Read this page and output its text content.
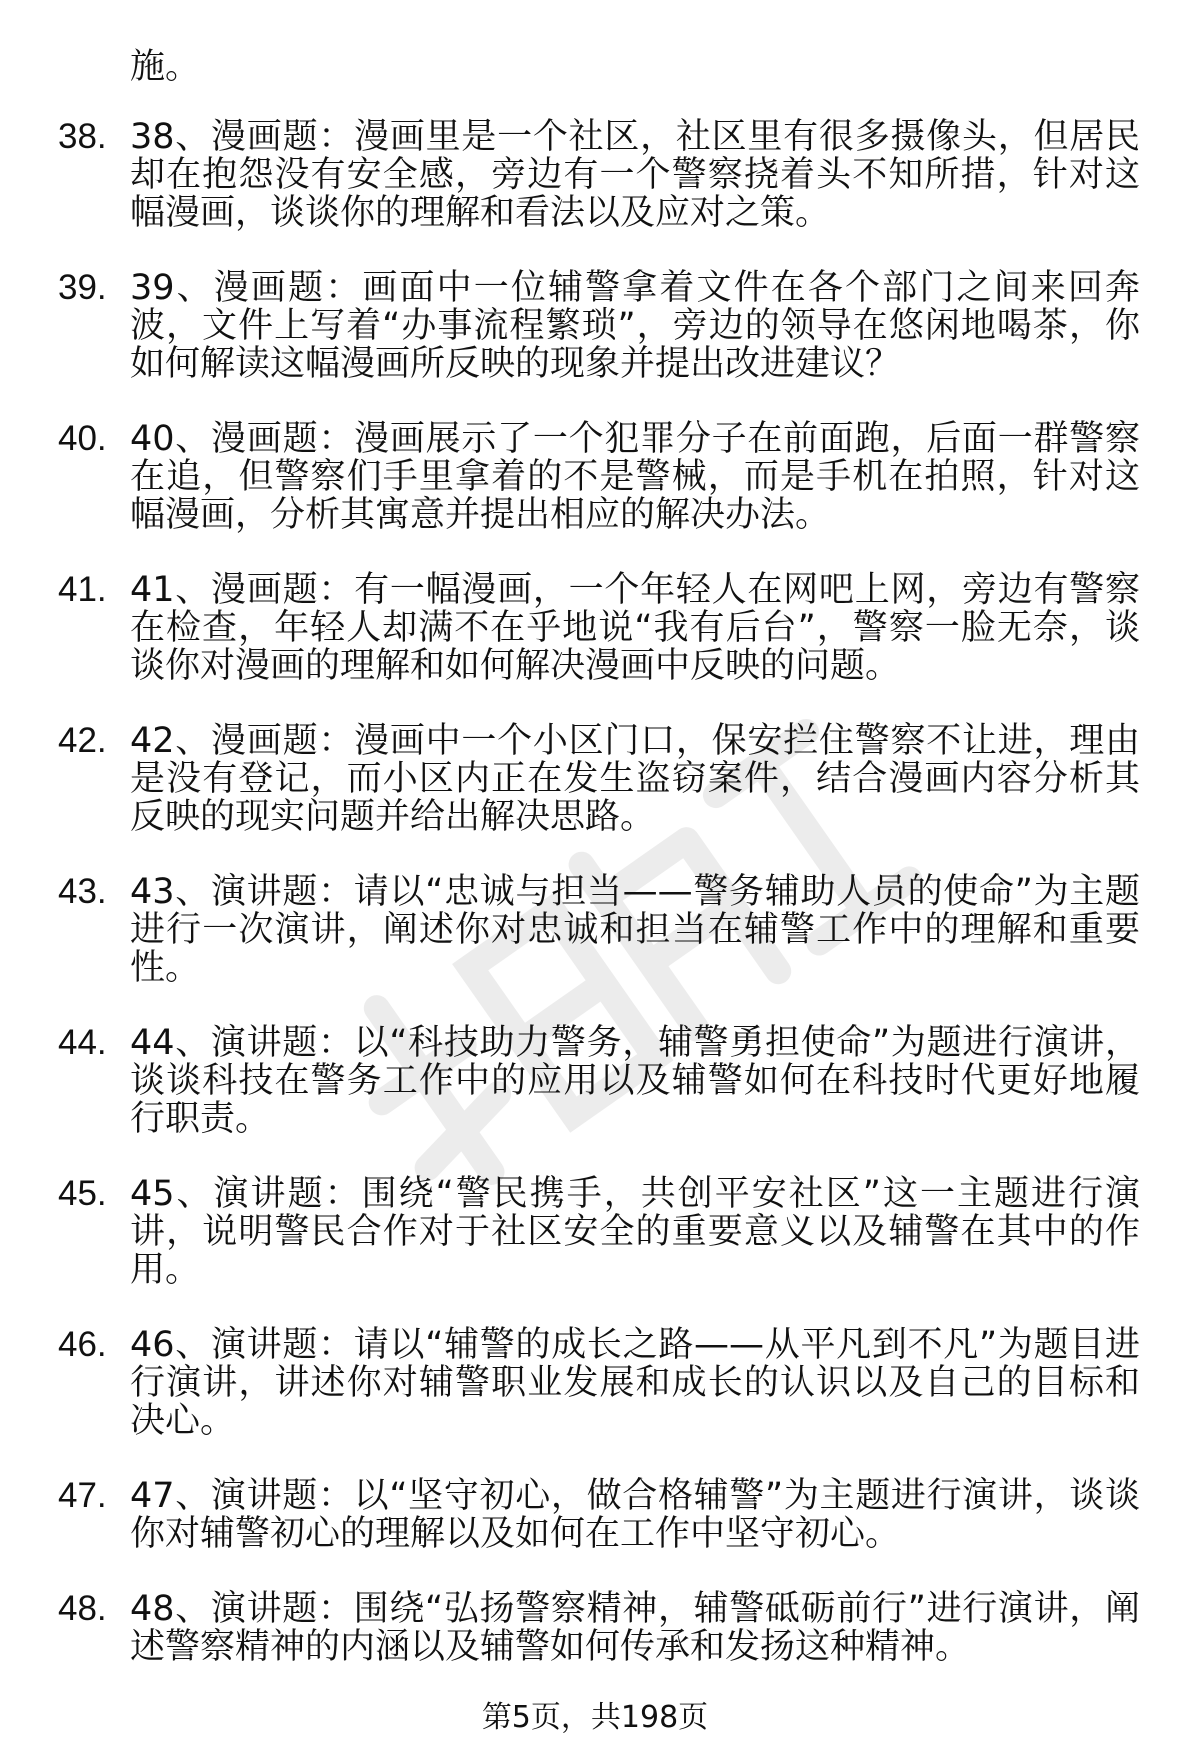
施。
38. 38、漫画题：漫画里是一个社区，社区里有很多摄像头，但居民却在抱怨没有安全感，旁边有一个警察挠着头不知所措，针对这幅漫画，谈谈你的理解和看法以及应对之策。
39. 39、漫画题：画面中一位辅警拿着文件在各个部门之间来回奔波，文件上写着“办事流程繁琐”，旁边的领导在悠闲地喝茶，你如何解读这幅漫画所反映的现象并提出改进建议？
40. 40、漫画题：漫画展示了一个犯罪分子在前面跑，后面一群警察在追，但警察们手里拿着的不是警械，而是手机在拍照，针对这幅漫画，分析其寓意并提出相应的解决办法。
41. 41、漫画题：有一幅漫画，一个年轻人在网吧上网，旁边有警察在检查，年轻人却满不在乎地说“我有后台”，警察一脸无奈，谈谈你对漫画的理解和如何解决漫画中反映的问题。
42. 42、漫画题：漫画中一个小区门口，保安拦住警察不让进，理由是没有登记，而小区内正在发生盗窃案件，结合漫画内容分析其反映的现实问题并给出解决思路。
43. 43、演讲题：请以“忠诚与担当——警务辅助人员的使命”为主题进行一次演讲，阐述你对忠诚和担当在辅警工作中的理解和重要性。
44. 44、演讲题：以“科技助力警务，辅警勇担使命”为题进行演讲，谈谈科技在警务工作中的应用以及辅警如何在科技时代更好地履行职责。
45. 45、演讲题：围绕“警民携手，共创平安社区”这一主题进行演讲，说明警民合作对于社区安全的重要意义以及辅警在其中的作用。
46. 46、演讲题：请以“辅警的成长之路——从平凡到不凡”为题目进行演讲，讲述你对辅警职业发展和成长的认识以及自己的目标和决心。
47. 47、演讲题：以“坚守初心，做合格辅警”为主题进行演讲，谈谈你对辅警初心的理解以及如何在工作中坚守初心。
48. 48、演讲题：围绕“弘扬警察精神，辅警砥砺前行”进行演讲，阐述警察精神的内涵以及辅警如何传承和发扬这种精神。
第5页，共198页
